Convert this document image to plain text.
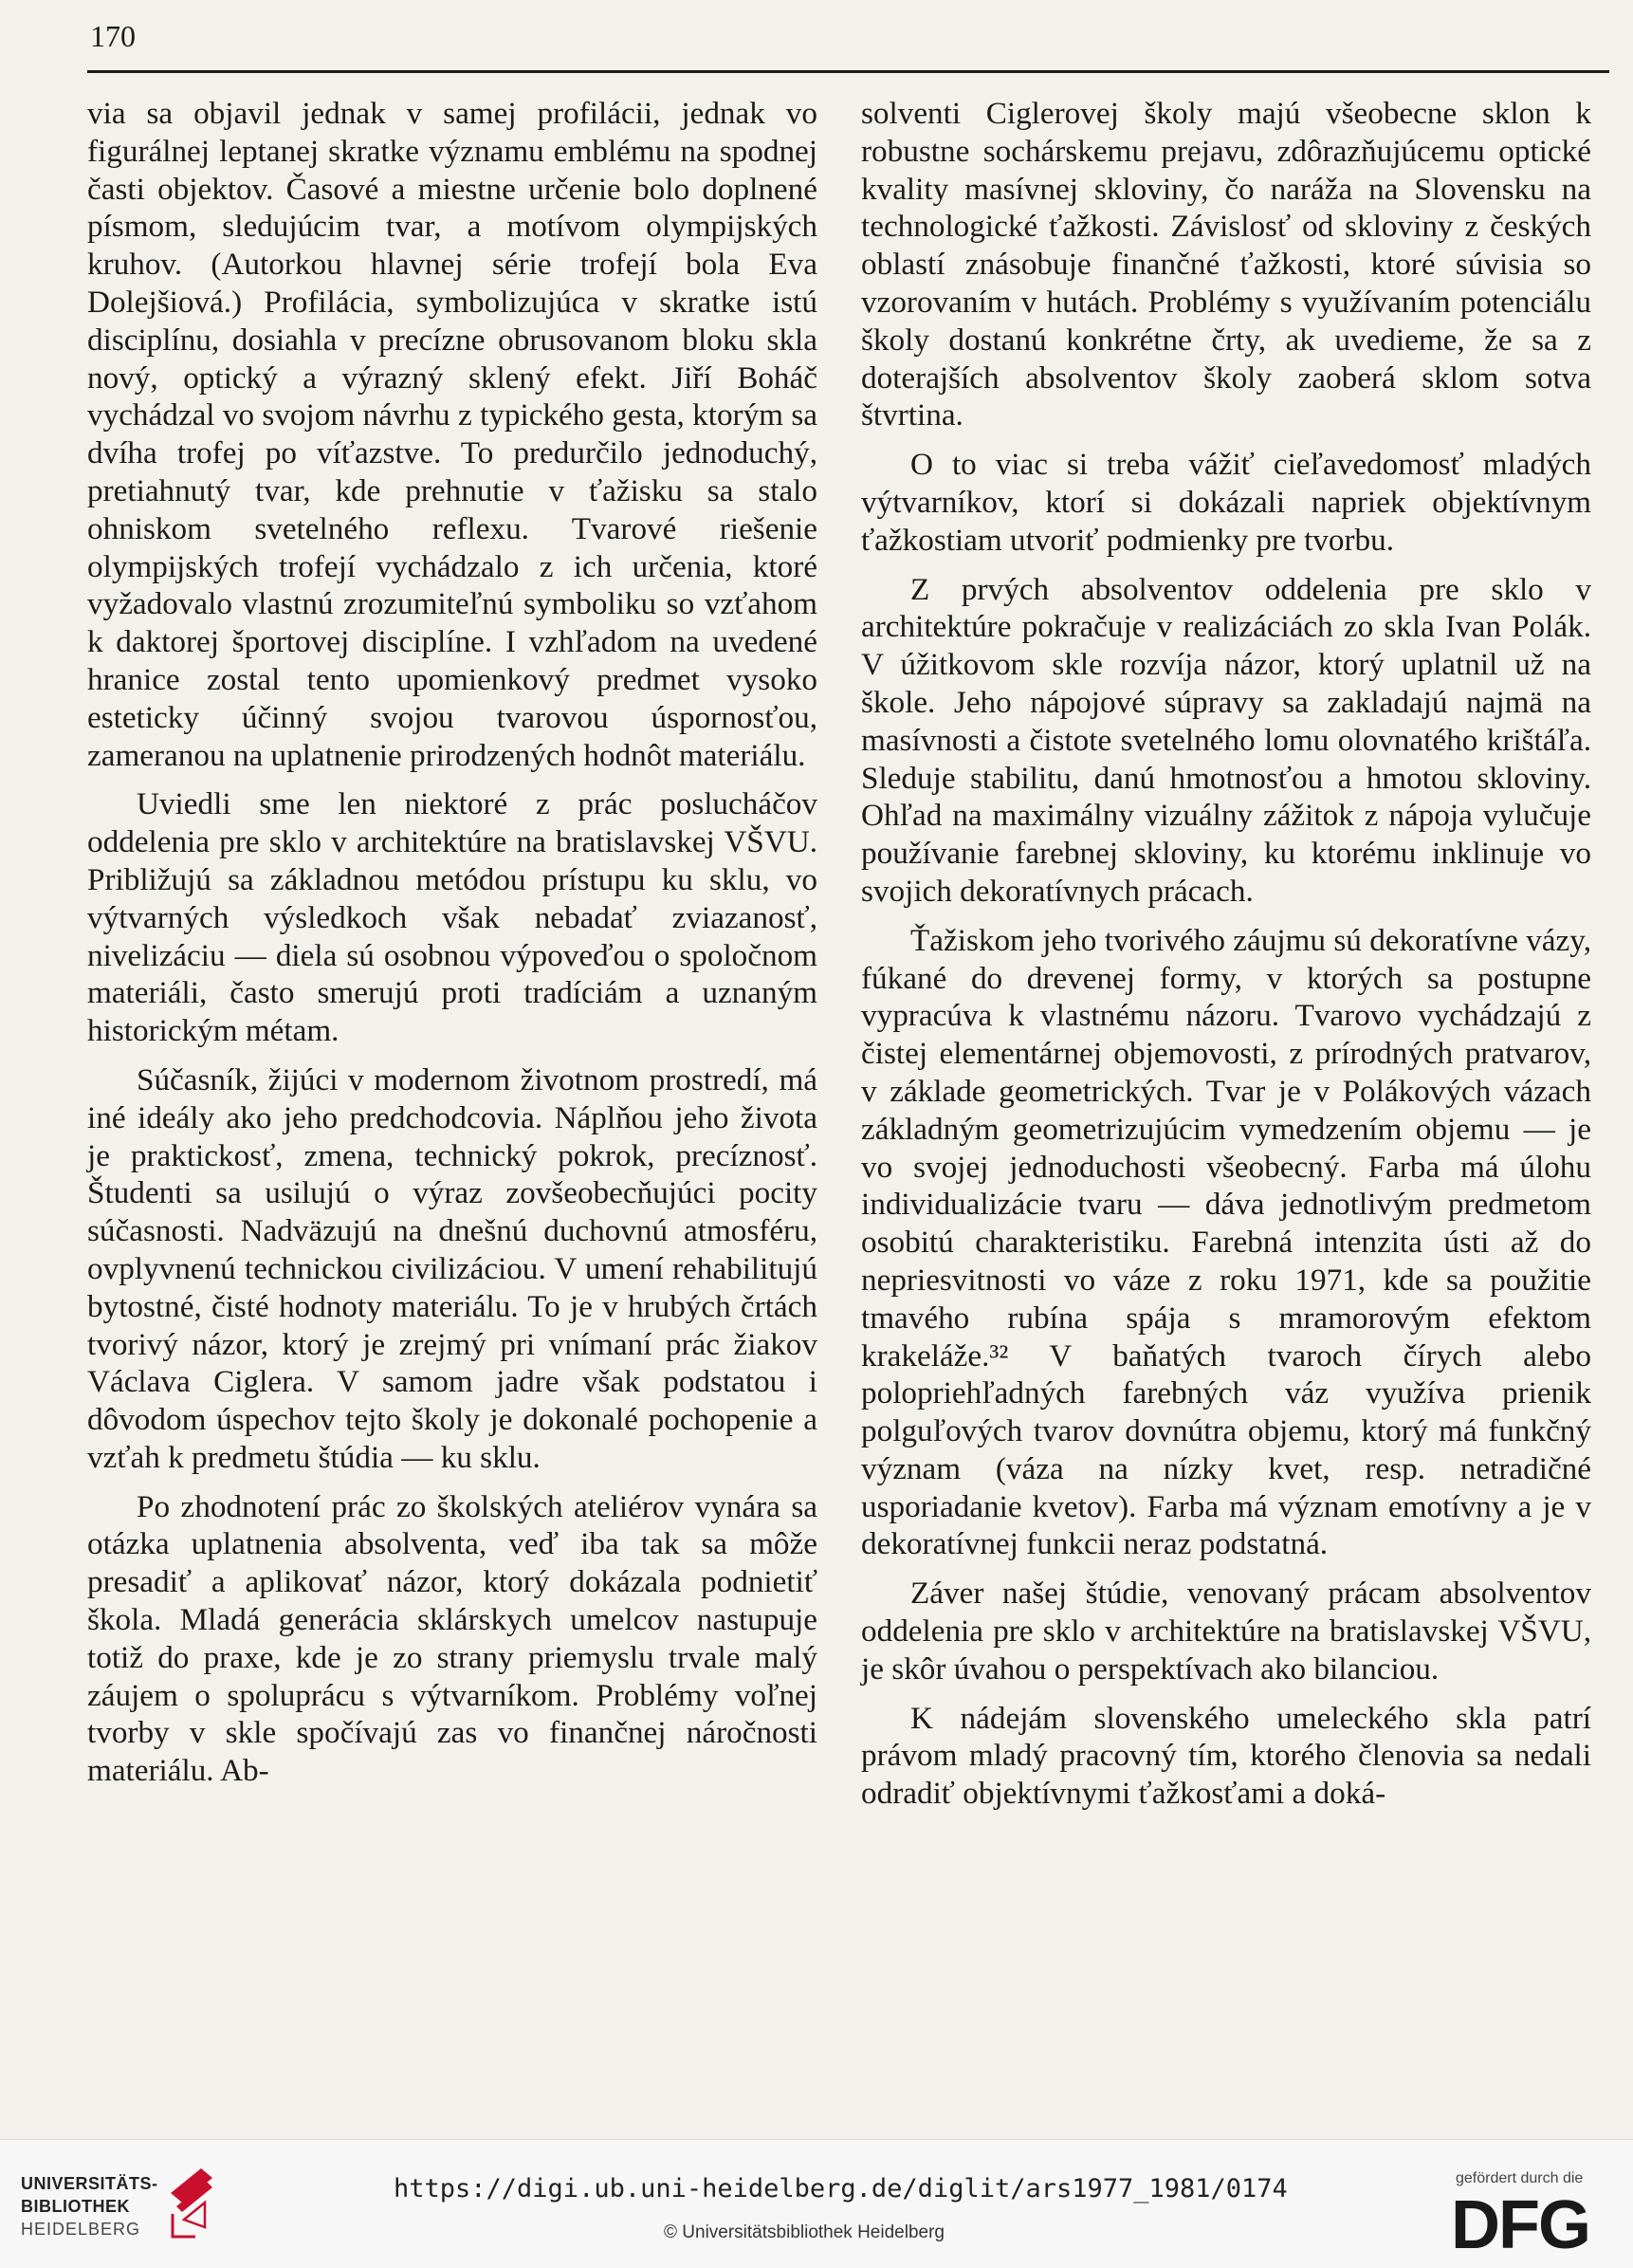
170

via sa objavil jednak v samej profilácii, jednak vo figurálnej leptanej skratke významu emblému na spodnej časti objektov. Časové a miestne určenie bolo doplnené písmom, sledujúcim tvar, a motívom olympijských kruhov. (Autorkou hlavnej série trofejí bola Eva Dolejšiová.) Profilácia, symbolizujúca v skratke istú disciplínu, dosiahla v precízne obrusovanom bloku skla nový, optický a výrazný sklený efekt. Jiří Boháč vychádzal vo svojom návrhu z typického gesta, ktorým sa dvíha trofej po víťazstve. To predurčilo jednoduchý, pretiahnutý tvar, kde prehnutie v ťažisku sa stalo ohniskom svetelného reflexu. Tvarové riešenie olympijských trofejí vychádzalo z ich určenia, ktoré vyžadovalo vlastnú zrozumiteľnú symboliku so vzťahom k daktorej športovej disciplíne. I vzhľadom na uvedené hranice zostal tento upomienkový predmet vysoko esteticky účinný svojou tvarovou úspornosťou, zameranou na uplatnenie prirodzených hodnôt materiálu.

Uviedli sme len niektoré z prác poslucháčov oddelenia pre sklo v architektúre na bratislavskej VŠVU. Približujú sa základnou metódou prístupu ku sklu, vo výtvarných výsledkoch však nebadať zviazanosť, nivelizáciu — diela sú osobnou výpoveďou o spoločnom materiáli, často smerujú proti tradíciám a uznaným historickým métam.

Súčasník, žijúci v modernom životnom prostredí, má iné ideály ako jeho predchodcovia. Náplňou jeho života je praktickosť, zmena, technický pokrok, precíznosť. Študenti sa usilujú o výraz zovšeobecňujúci pocity súčasnosti. Nadväzujú na dnešnú duchovnú atmosféru, ovplyvnenú technickou civilizáciou. V umení rehabilitujú bytostné, čisté hodnoty materiálu. To je v hrubých črtách tvorivý názor, ktorý je zrejmý pri vnímaní prác žiakov Václava Ciglera. V samom jadre však podstatou i dôvodom úspechov tejto školy je dokonalé pochopenie a vzťah k predmetu štúdia — ku sklu.

Po zhodnotení prác zo školských ateliérov vynára sa otázka uplatnenia absolventa, veď iba tak sa môže presadiť a aplikovať názor, ktorý dokázala podnietiť škola. Mladá generácia sklárskych umelcov nastupuje totiž do praxe, kde je zo strany priemyslu trvale malý záujem o spoluprácu s výtvarníkom. Problémy voľnej tvorby v skle spočívajú zas vo finančnej náročnosti materiálu. Ab-

solventi Ciglerovej školy majú všeobecne sklon k robustne sochárskemu prejavu, zdôrazňujúcemu optické kvality masívnej skloviny, čo naráža na Slovensku na technologické ťažkosti. Závislosť od skloviny z českých oblastí znásobuje finančné ťažkosti, ktoré súvisia so vzorovaním v hutách. Problémy s využívaním potenciálu školy dostanú konkrétne črty, ak uvedieme, že sa z doterajších absolventov školy zaoberá sklom sotva štvrtina.

O to viac si treba vážiť cieľavedomosť mladých výtvarníkov, ktorí si dokázali napriek objektívnym ťažkostiam utvoriť podmienky pre tvorbu.

Z prvých absolventov oddelenia pre sklo v architektúre pokračuje v realizáciách zo skla Ivan Polák. V úžitkovom skle rozvíja názor, ktorý uplatnil už na škole. Jeho nápojové súpravy sa zakladajú najmä na masívnosti a čistote svetelného lomu olovnatého krištáľa. Sleduje stabilitu, danú hmotnosťou a hmotou skloviny. Ohľad na maximálny vizuálny zážitok z nápoja vylučuje používanie farebnej skloviny, ku ktorému inklinuje vo svojich dekoratívnych prácach.

Ťažiskom jeho tvorivého záujmu sú dekoratívne vázy, fúkané do drevenej formy, v ktorých sa postupne vypracúva k vlastnému názoru. Tvarovo vychádzajú z čistej elementárnej objemovosti, z prírodných pratvarov, v základe geometrických. Tvar je v Polákových vázach základným geometrizujúcim vymedzením objemu — je vo svojej jednoduchosti všeobecný. Farba má úlohu individualizácie tvaru — dáva jednotlivým predmetom osobitú charakteristiku. Farebná intenzita ústi až do nepriesvitnosti vo váze z roku 1971, kde sa použitie tmavého rubína spája s mramorovým efektom krakeláže.³² V baňatých tvaroch čírych alebo polopriehľadných farebných váz využíva prienik polguľových tvarov dovnútra objemu, ktorý má funkčný význam (váza na nízky kvet, resp. netradičné usporiadanie kvetov). Farba má význam emotívny a je v dekoratívnej funkcii neraz podstatná.

Záver našej štúdie, venovaný prácam absolventov oddelenia pre sklo v architektúre na bratislavskej VŠVU, je skôr úvahou o perspektívach ako bilanciou.

K nádejám slovenského umeleckého skla patrí právom mladý pracovný tím, ktorého členovia sa nedali odradiť objektívnymi ťažkosťami a doká-

UNIVERSITÄTS-
BIBLIOTHEK
HEIDELBERG
https://digi.ub.uni-heidelberg.de/diglit/ars1977_1981/0174
© Universitätsbibliothek Heidelberg
gefördert durch die
DFG
